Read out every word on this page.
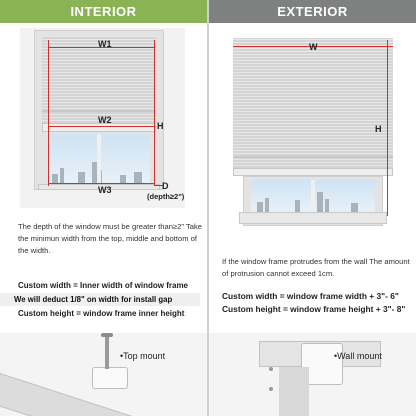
INTERIOR
W1
W2
W3
H
D
(depth≥2")
The depth of the window must be greater than≥2" Take the minimun width from the top, middle and bottom of the width.
Custom width = Inner width of window frame
We will deduct 1/8" on width for install gap
Custom height = window frame inner height
•Top mount
EXTERIOR
W
H
If the window frame protrudes from the wall The amount of protrusion cannot exceed 1cm.
Custom width = window frame width + 3"- 6"
Custom height = window frame height + 3"- 8"
•Wall mount
